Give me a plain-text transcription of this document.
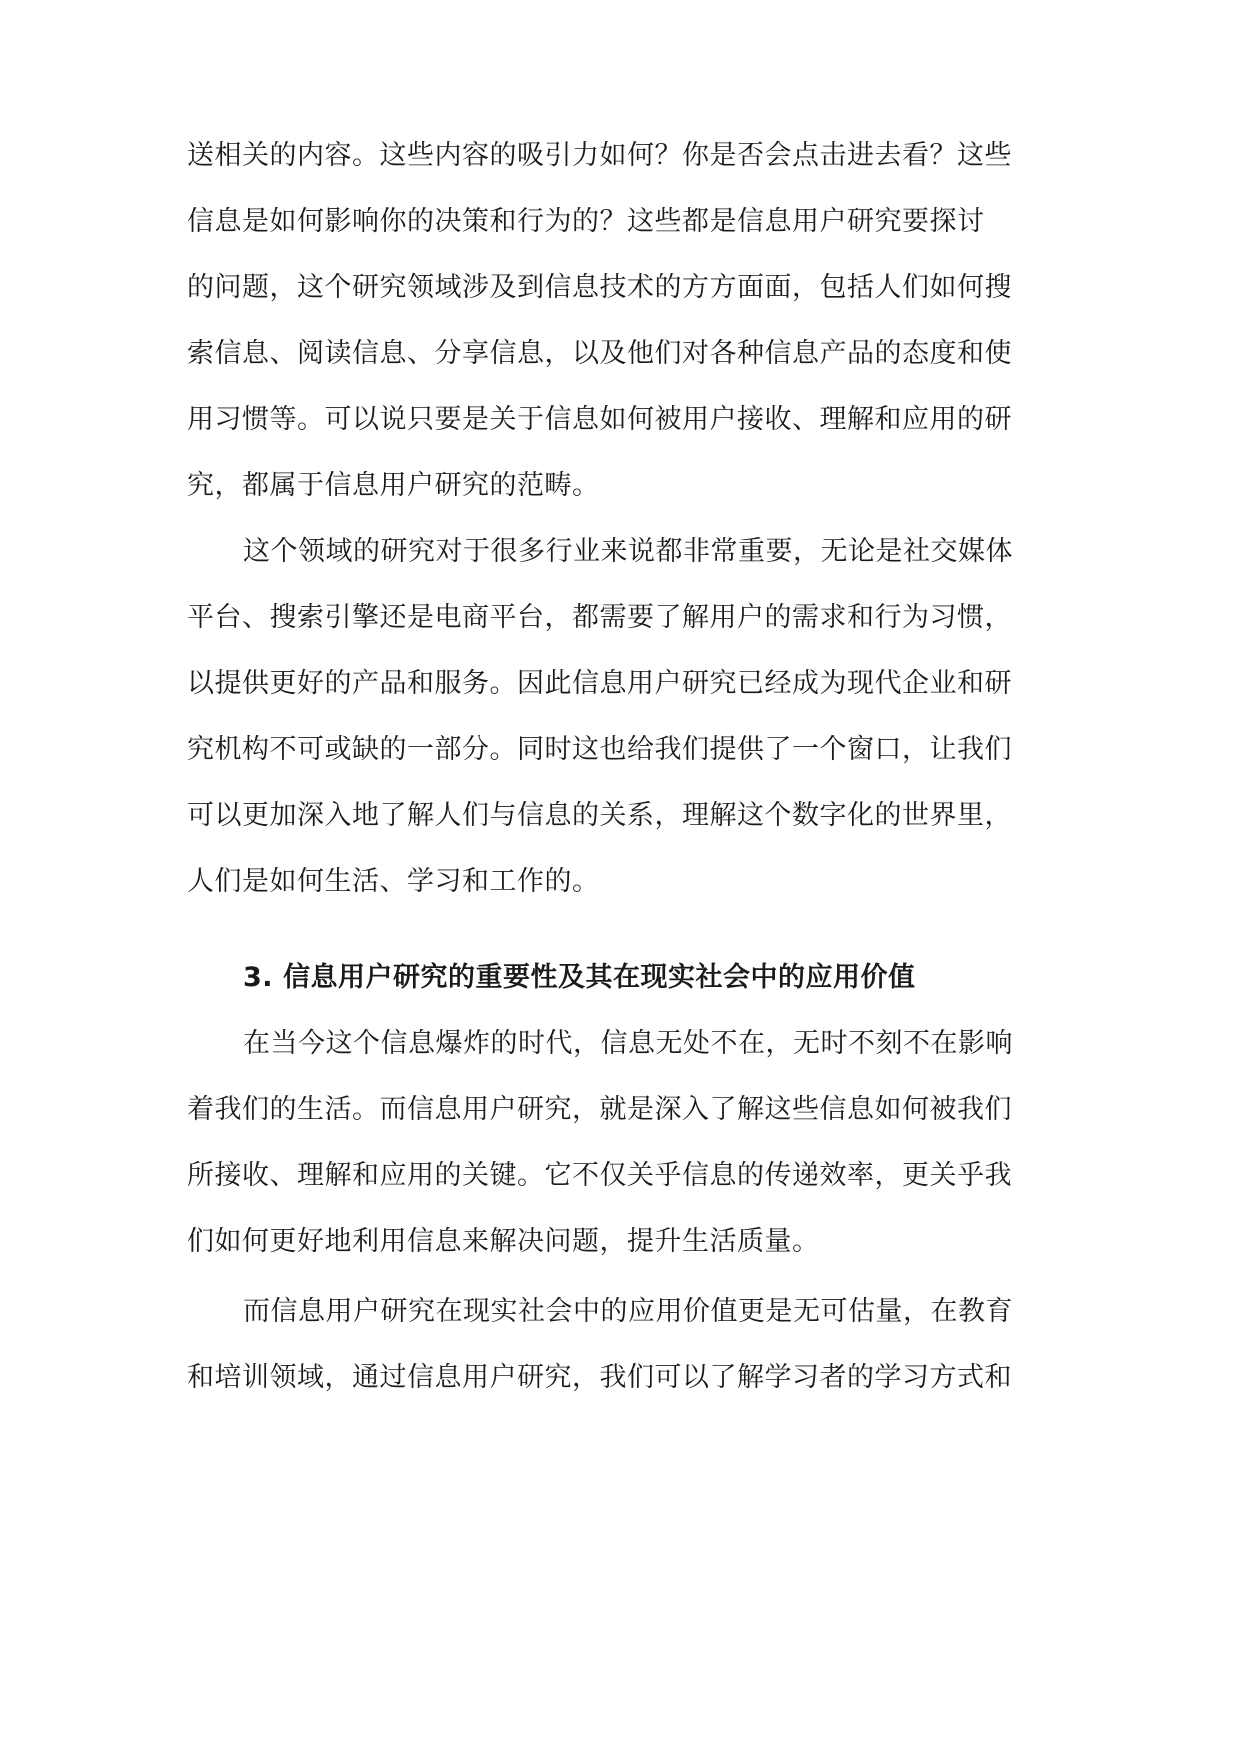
送相关的内容。这些内容的吸引力如何？你是否会点击进去看？这些
信息是如何影响你的决策和行为的？这些都是信息用户研究要探讨
的问题，这个研究领域涉及到信息技术的方方面面，包括人们如何搜
索信息、阅读信息、分享信息，以及他们对各种信息产品的态度和使
用习惯等。可以说只要是关于信息如何被用户接收、理解和应用的研
究，都属于信息用户研究的范畴。
这个领域的研究对于很多行业来说都非常重要，无论是社交媒体
平台、搜索引擎还是电商平台，都需要了解用户的需求和行为习惯，
以提供更好的产品和服务。因此信息用户研究已经成为现代企业和研
究机构不可或缺的一部分。同时这也给我们提供了一个窗口，让我们
可以更加深入地了解人们与信息的关系，理解这个数字化的世界里，
人们是如何生活、学习和工作的。
3. 信息用户研究的重要性及其在现实社会中的应用价值
在当今这个信息爆炸的时代，信息无处不在，无时不刻不在影响
着我们的生活。而信息用户研究，就是深入了解这些信息如何被我们
所接收、理解和应用的关键。它不仅关乎信息的传递效率，更关乎我
们如何更好地利用信息来解决问题，提升生活质量。
而信息用户研究在现实社会中的应用价值更是无可估量，在教育
和培训领域，通过信息用户研究，我们可以了解学习者的学习方式和
